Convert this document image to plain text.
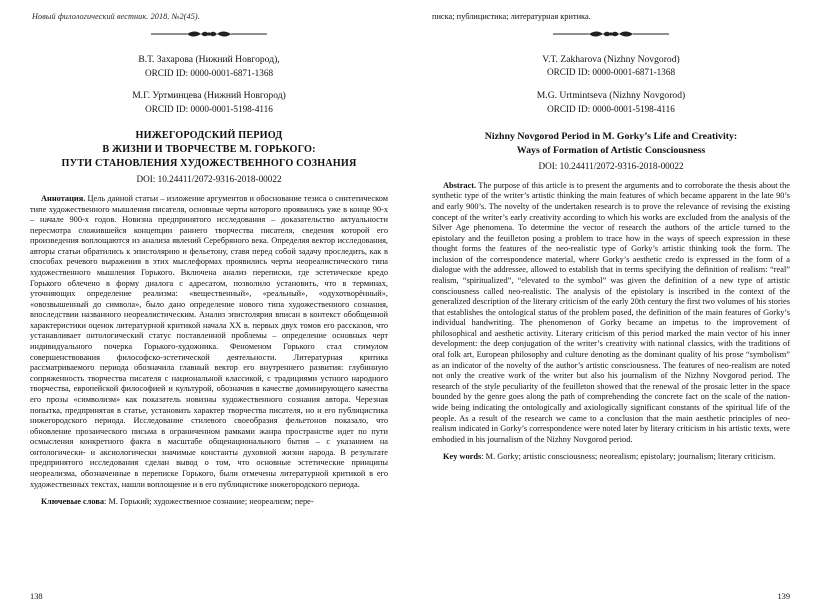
Новый филологический вестник. 2018. №2(45).
В.Т. Захарова (Нижний Новгород),
ORCID ID: 0000-0001-6871-1368
М.Г. Уртминцева (Нижний Новгород)
ORCID ID: 0000-0001-5198-4116
НИЖЕГОРОДСКИЙ ПЕРИОД
В ЖИЗНИ И ТВОРЧЕСТВЕ М. ГОРЬКОГО:
ПУТИ СТАНОВЛЕНИЯ ХУДОЖЕСТВЕННОГО СОЗНАНИЯ
DOI: 10.24411/2072-9316-2018-00022

Аннотация. Цель данной статьи – изложение аргументов и обоснование тезиса о синтетическом типе художественного мышления писателя, основные черты которого проявились уже в конце 90-х – начале 900-х годов. Новизна предпринятого исследования – доказательство актуальности пересмотра сложившейся концепции раннего творчества писателя, сведения которой его произведения воплощаются из анализа явлений Серебряного века. Определяя вектор исследования, авторы статьи обратились к эпистолярию и фельетону, ставя перед собой задачу проследить, как в способах речевого выражения в этих мыслеформах проявились черты неореалистического типа художественного мышления Горького. Включена анализ переписки, где эстетическое кредо Горького облечено в форму диалога с адресатом, позволило установить, что в терминах, уточняющих определение реализма: «вещественный», «реальный», «одухотворённый», «овозвышенный до символа», было дано определение нового типа художественного сознания, впоследствии названного неореалистическим. Анализ эпистолярия вписан в контекст обобщенной характеристики оценок литературной критикой начала XX в. первых двух томов его рассказов, что устанавливает онтологический статус поставленной проблемы – определение основных черт индивидуального почерка Горького-художника. Феноменом Горького стал стимулом совершенствования философско-эстетической деятельности. Литературная критика рассматриваемого периода обозначила главный вектор его внутреннего развития: глубинную сопряженность творчества писателя с национальной классикой, с традициями устного народного творчества, европейской философией и культурой, обозначив в качестве доминирующего качества его прозы «символизм» как показатель новизны художественного сознания автора. Черезная попытка, предпринятая в статье, установить характер творчества писателя, но и его публицистика нижегородского периода. Исследование стилевого своеобразия фельетонов показало, что обновление прозаического письма в ограниченном рамками жанра пространстве идет по пути осмысления конкретного факта в масштабе общенационального бытия – с указанием на онтологически- и аксиологически значимые константы духовной жизни народа. В результате предпринятого исследования сделан вывод о том, что основные эстетические принципы неореализма, обозначенные в переписке Горького, были отмечены литературной критикой в его художественных текстах, нашли воплощение и в его публицистике нижегородского периода.

Ключевые слова: М. Горький; художественное сознание; неореализм; пере-

138

писка; публицистика; литературная критика.

V.T. Zakharova (Nizhny Novgorod)
ORCID ID: 0000-0001-6871-1368
M.G. Urtmintseva (Nizhny Novgorod)
ORCID ID: 0000-0001-5198-4116
Nizhny Novgorod Period in M. Gorky’s Life and Creativity:
Ways of Formation of Artistic Consciousness
DOI: 10.24411/2072-9316-2018-00022

Abstract. The purpose of this article is to present the arguments and to corroborate the thesis about the synthetic type of the writer’s artistic thinking the main features of which became apparent in the late 90’s and early 900’s. The novelty of the undertaken research is to prove the relevance of revising the existing concept of the writer’s early creativity according to which his works are excluded from the analysis of the Silver Age phenomena. To determine the vector of research the authors of the article turned to the epistolary and the feuilleton posing a problem to trace how in the ways of speech expression in these thought forms the features of the neo-realistic type of Gorky’s artistic thinking took the form. The inclusion of the correspondence material, where Gorky’s aesthetic credo is expressed in the form of a dialogue with the addressee, allowed to establish that in terms specifying the definition of realism: “real” realism, “spiritualized”, “elevated to the symbol” was given the definition of a new type of artistic consciousness called neo-realistic. The analysis of the epistolary is inscribed in the context of the generalized description of the literary criticism of the early 20th century the first two volumes of his stories that establishes the ontological status of the problem posed, the definition of the main features of Gorky’s individual handwriting. The phenomenon of Gorky became an impetus to the improvement of philosophical and aesthetic activity. Literary criticism of this period marked the main vector of his inner development: the deep conjugation of the writer’s creativity with national classics, with the traditions of oral folk art, European philosophy and culture denoting as the dominant quality of his prose “symbolism” as an indicator of the novelty of the author’s artistic consciousness. The features of neo-realism are noted not only the creative work of the writer but also his journalism of the Nizhny Novgorod period. The research of the style peculiarity of the feuilleton showed that the renewal of the prosaic letter in the space bounded by the genre goes along the path of comprehending the concrete fact on the scale of the nation-wide being indicating the ontologically and axiologically significant constants of the spiritual life of the people. As a result of the research we came to a conclusion that the main aesthetic principles of neo-realism indicated in Gorky’s correspondence were noted later by literary criticism in his artistic texts, were embodied in his journalism of the Nizhny Novgorod period.

Key words: M. Gorky; artistic consciousness; neorealism; epistolary; journalism; literary criticism.

139
